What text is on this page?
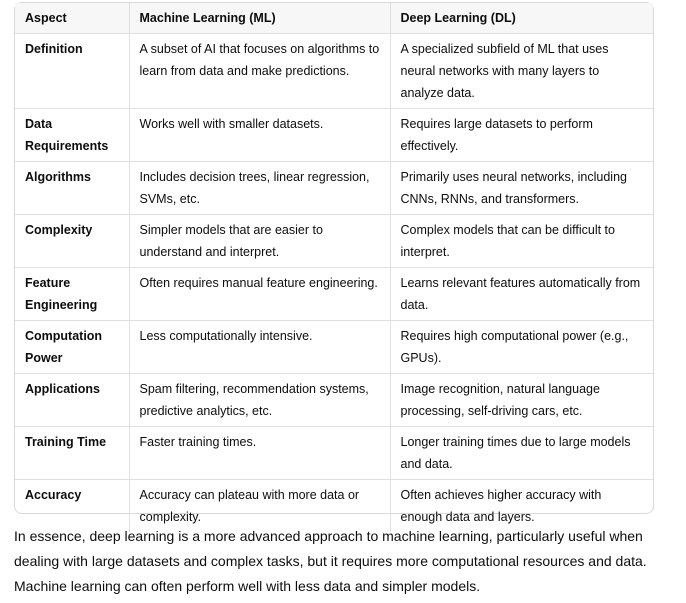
Aspect	Machine Learning (ML)	Deep Learning (DL)
Definition	A subset of AI that focuses on algorithms to learn from data and make predictions.	A specialized subfield of ML that uses neural networks with many layers to analyze data.
Data Requirements	Works well with smaller datasets.	Requires large datasets to perform effectively.
Algorithms	Includes decision trees, linear regression, SVMs, etc.	Primarily uses neural networks, including CNNs, RNNs, and transformers.
Complexity	Simpler models that are easier to understand and interpret.	Complex models that can be difficult to interpret.
Feature Engineering	Often requires manual feature engineering.	Learns relevant features automatically from data.
Computation Power	Less computationally intensive.	Requires high computational power (e.g., GPUs).
Applications	Spam filtering, recommendation systems, predictive analytics, etc.	Image recognition, natural language processing, self-driving cars, etc.
Training Time	Faster training times.	Longer training times due to large models and data.
Accuracy	Accuracy can plateau with more data or complexity.	Often achieves higher accuracy with enough data and layers.

In essence, deep learning is a more advanced approach to machine learning, particularly useful when dealing with large datasets and complex tasks, but it requires more computational resources and data. Machine learning can often perform well with less data and simpler models.
